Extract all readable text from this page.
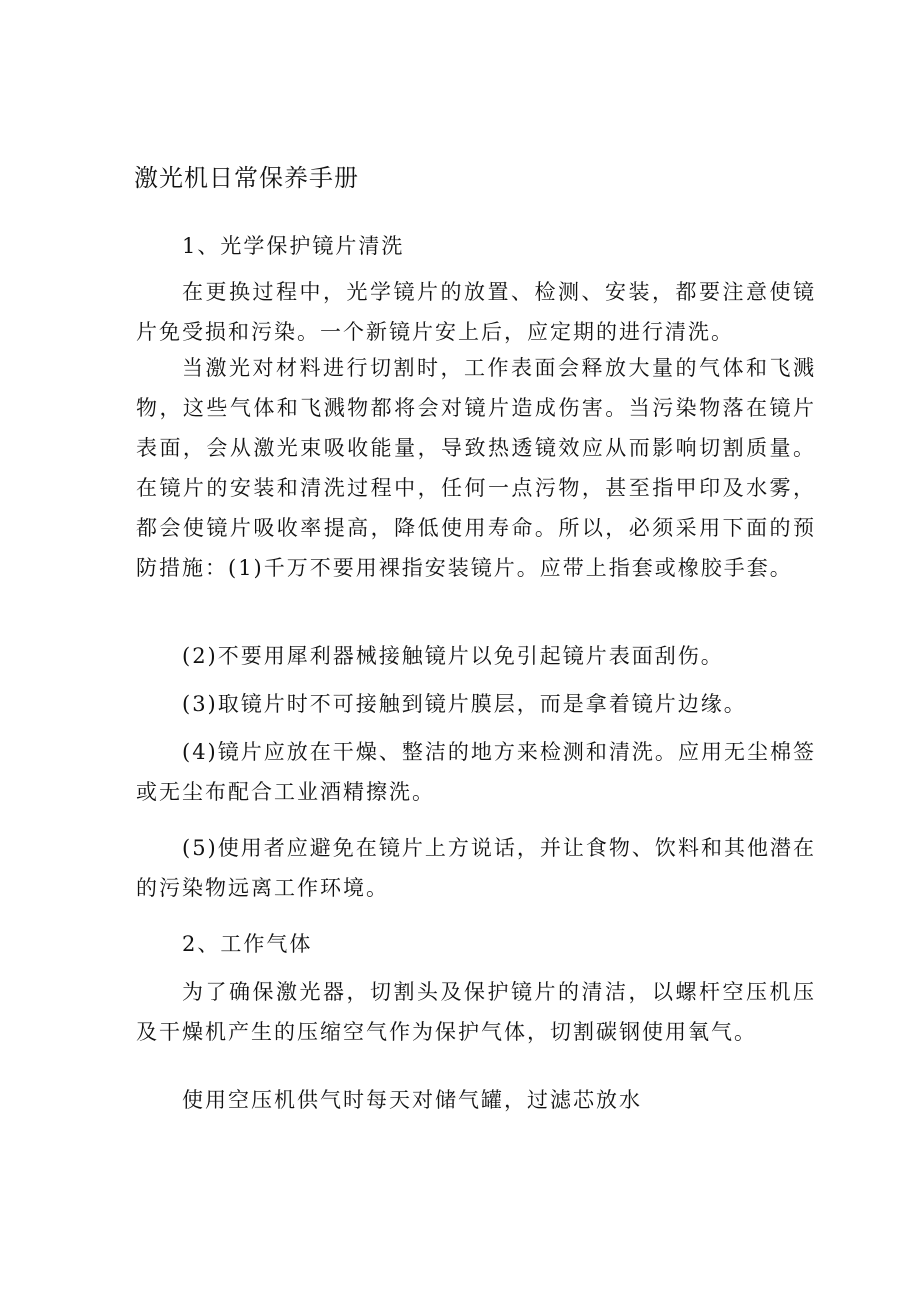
激光机日常保养手册
1、光学保护镜片清洗

在更换过程中，光学镜片的放置、检测、安装，都要注意使镜片免受损和污染。一个新镜片安上后，应定期的进行清洗。

当激光对材料进行切割时，工作表面会释放大量的气体和飞溅物，这些气体和飞溅物都将会对镜片造成伤害。当污染物落在镜片表面，会从激光束吸收能量，导致热透镜效应从而影响切割质量。在镜片的安装和清洗过程中，任何一点污物，甚至指甲印及水雾，都会使镜片吸收率提高，降低使用寿命。所以，必须采用下面的预防措施：(1)千万不要用裸指安装镜片。应带上指套或橡胶手套。

(2)不要用犀利器械接触镜片以免引起镜片表面刮伤。

(3)取镜片时不可接触到镜片膜层，而是拿着镜片边缘。

(4)镜片应放在干燥、整洁的地方来检测和清洗。应用无尘棉签或无尘布配合工业酒精擦洗。

(5)使用者应避免在镜片上方说话，并让食物、饮料和其他潜在的污染物远离工作环境。

2、工作气体

为了确保激光器，切割头及保护镜片的清洁，以螺杆空压机压及干燥机产生的压缩空气作为保护气体，切割碳钢使用氧气。

使用空压机供气时每天对储气罐，过滤芯放水
